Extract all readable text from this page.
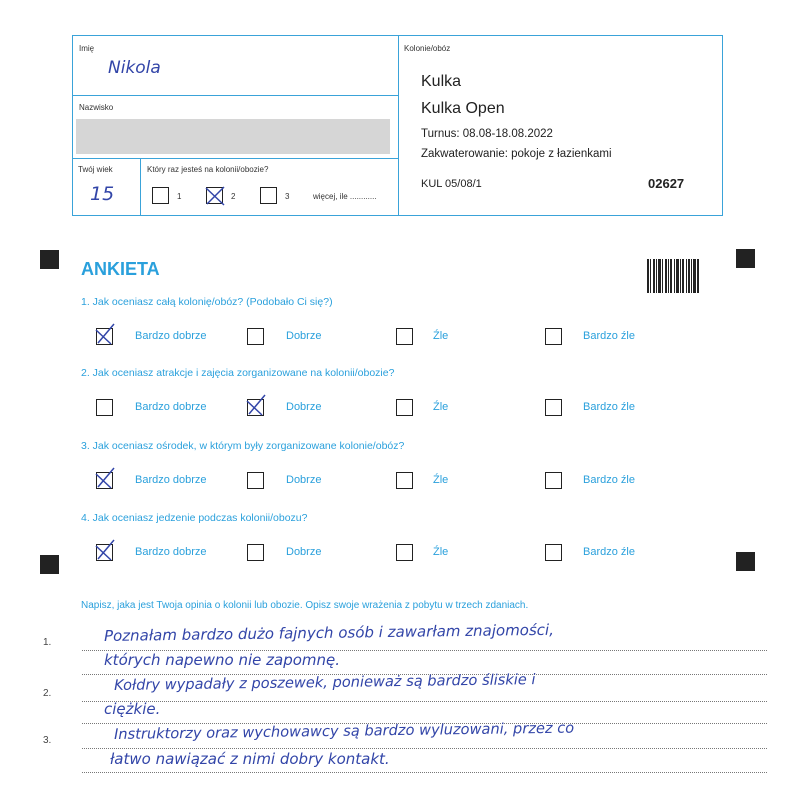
Imię
Nikola
Nazwisko
Twój wiek
15
Który raz jesteś na kolonii/obozie?
1	2	3	więcej, ile ............
Kolonie/obóz
Kulka
Kulka Open
Turnus: 08.08-18.08.2022
Zakwaterowanie: pokoje z łazienkami
KUL 05/08/1	02627
ANKIETA
1. Jak oceniasz całą kolonię/obóz? (Podobało Ci się?)
Bardzo dobrze	Dobrze	Źle	Bardzo źle
2. Jak oceniasz atrakcje i zajęcia zorganizowane na kolonii/obozie?
Bardzo dobrze	Dobrze	Źle	Bardzo źle
3. Jak oceniasz ośrodek, w którym były zorganizowane kolonie/obóz?
Bardzo dobrze	Dobrze	Źle	Bardzo źle
4. Jak oceniasz jedzenie podczas kolonii/obozu?
Bardzo dobrze	Dobrze	Źle	Bardzo źle
Napisz, jaka jest Twoja opinia o kolonii lub obozie. Opisz swoje wrażenia z pobytu w trzech zdaniach.
1.
2.
3.
Poznałam bardzo dużo fajnych osób i zawarłam znajomości,
których napewno nie zapomnę.
Kołdry wypadały z poszewek, ponieważ są bardzo śliskie i
ciężkie.
Instruktorzy oraz wychowawcy są bardzo wyluzowani, przez co
łatwo nawiązać z nimi dobry kontakt.
